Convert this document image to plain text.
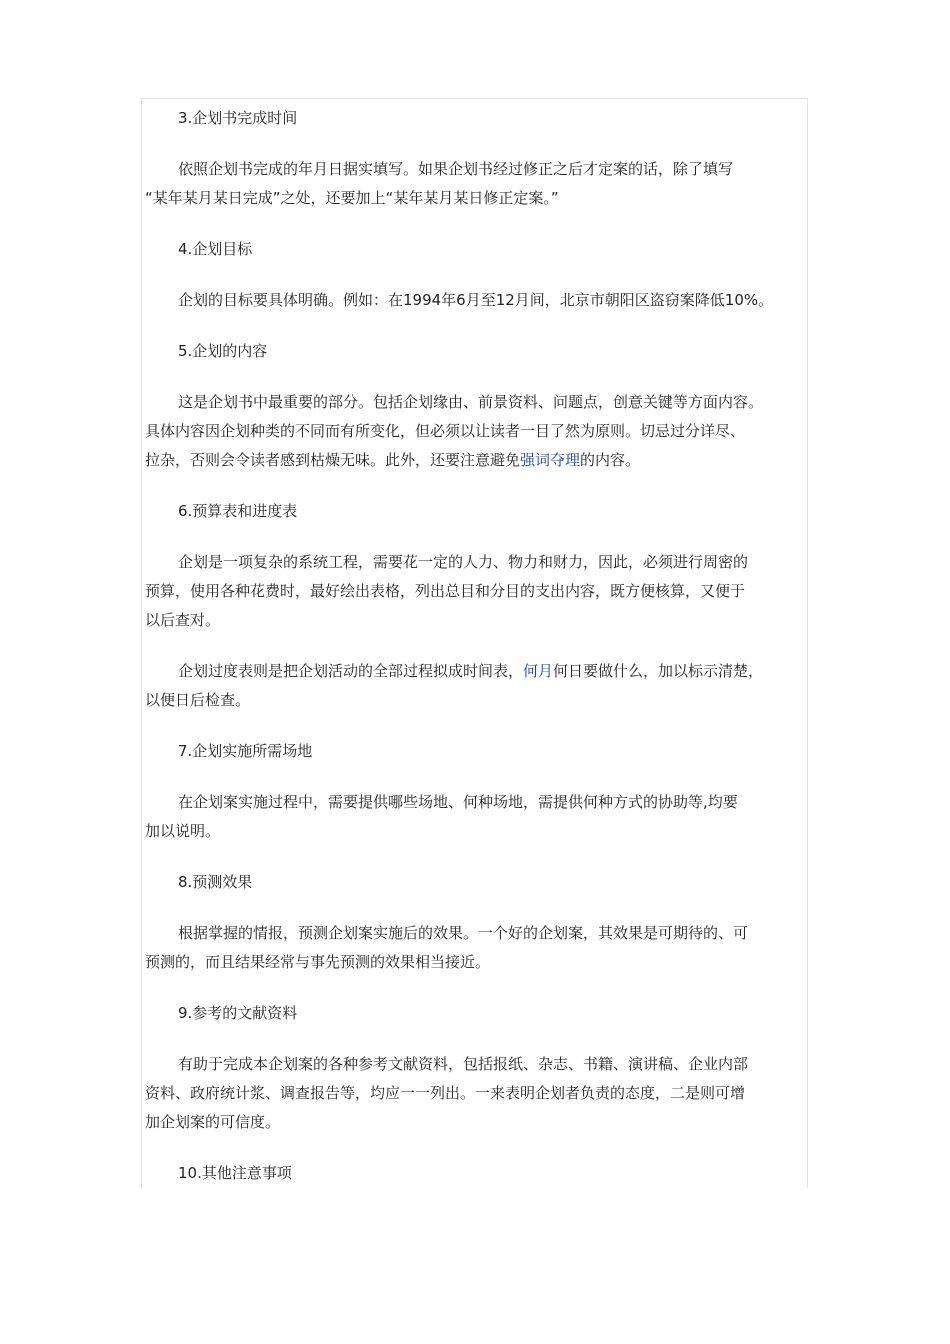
3.企划书完成时间

依照企划书完成的年月日据实填写。如果企划书经过修正之后才定案的话，除了填写
“某年某月某日完成”之处，还要加上“某年某月某日修正定案。”

4.企划目标

企划的目标要具体明确。例如：在1994年6月至12月间，北京市朝阳区盗窃案降低10%。

5.企划的内容

这是企划书中最重要的部分。包括企划缘由、前景资料、问题点，创意关键等方面内容。
具体内容因企划种类的不同而有所变化，但必须以让读者一目了然为原则。切忌过分详尽、
拉杂，否则会令读者感到枯燥无味。此外，还要注意避免强词夺理的内容。

6.预算表和进度表

企划是一项复杂的系统工程，需要花一定的人力、物力和财力，因此，必须进行周密的
预算，使用各种花费时，最好绘出表格，列出总目和分目的支出内容，既方便核算，又便于
以后查对。

企划过度表则是把企划活动的全部过程拟成时间表，何月何日要做什么，加以标示清楚，
以便日后检查。

7.企划实施所需场地

在企划案实施过程中，需要提供哪些场地、何种场地，需提供何种方式的协助等,均要
加以说明。

8.预测效果

根据掌握的情报，预测企划案实施后的效果。一个好的企划案，其效果是可期待的、可
预测的，而且结果经常与事先预测的效果相当接近。

9.参考的文献资料

有助于完成本企划案的各种参考文献资料，包括报纸、杂志、书籍、演讲稿、企业内部
资料、政府统计浆、调查报告等，均应一一列出。一来表明企划者负责的态度，二是则可增
加企划案的可信度。

10.其他注意事项
